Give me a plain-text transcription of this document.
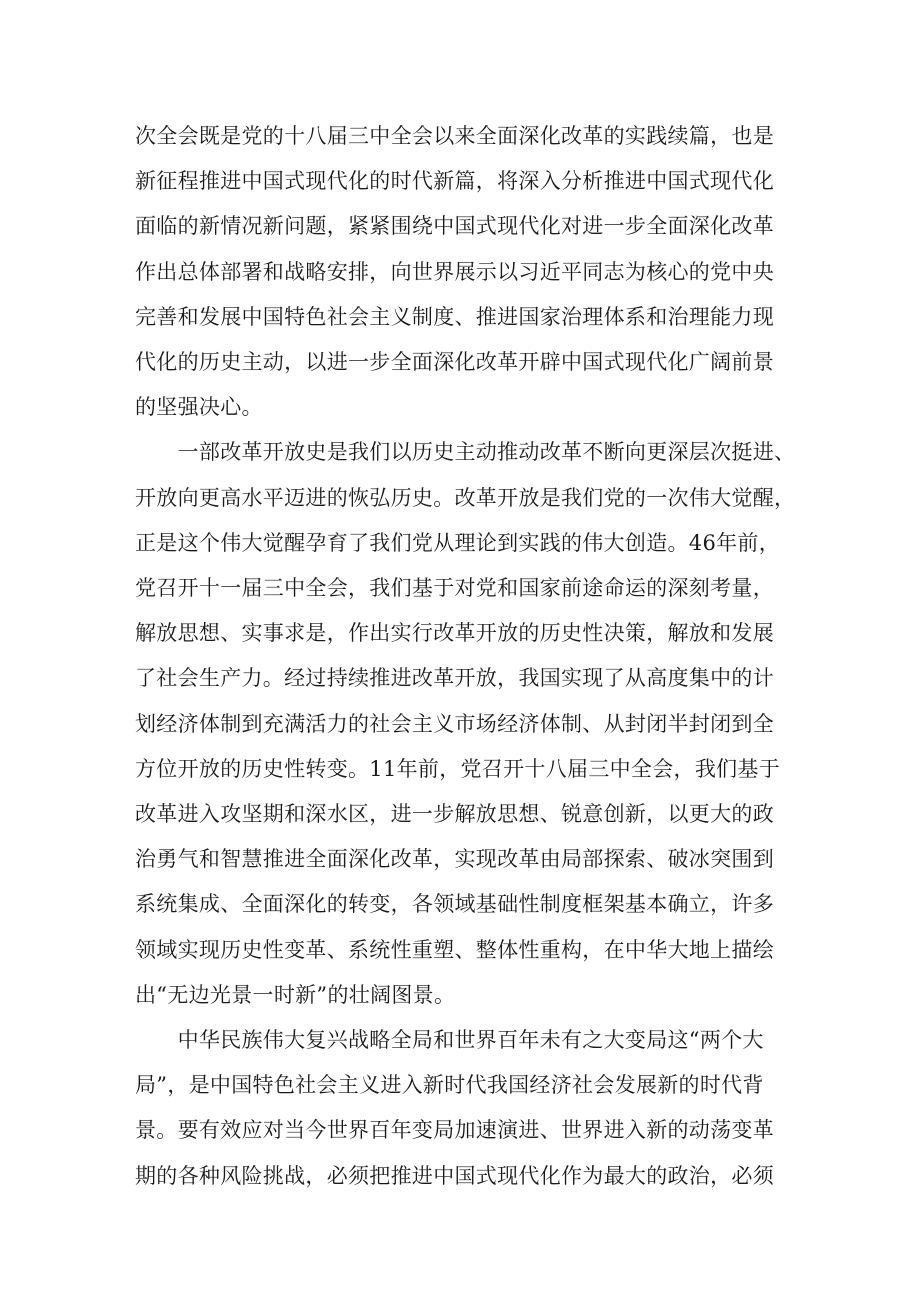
次全会既是党的十八届三中全会以来全面深化改革的实践续篇，也是
新征程推进中国式现代化的时代新篇，将深入分析推进中国式现代化
面临的新情况新问题，紧紧围绕中国式现代化对进一步全面深化改革
作出总体部署和战略安排，向世界展示以习近平同志为核心的党中央
完善和发展中国特色社会主义制度、推进国家治理体系和治理能力现
代化的历史主动，以进一步全面深化改革开辟中国式现代化广阔前景
的坚强决心。
　　一部改革开放史是我们以历史主动推动改革不断向更深层次挺进、
开放向更高水平迈进的恢弘历史。改革开放是我们党的一次伟大觉醒，
正是这个伟大觉醒孕育了我们党从理论到实践的伟大创造。46年前，
党召开十一届三中全会，我们基于对党和国家前途命运的深刻考量，
解放思想、实事求是，作出实行改革开放的历史性决策，解放和发展
了社会生产力。经过持续推进改革开放，我国实现了从高度集中的计
划经济体制到充满活力的社会主义市场经济体制、从封闭半封闭到全
方位开放的历史性转变。11年前，党召开十八届三中全会，我们基于
改革进入攻坚期和深水区，进一步解放思想、锐意创新，以更大的政
治勇气和智慧推进全面深化改革，实现改革由局部探索、破冰突围到
系统集成、全面深化的转变，各领域基础性制度框架基本确立，许多
领域实现历史性变革、系统性重塑、整体性重构，在中华大地上描绘
出“无边光景一时新”的壮阔图景。
　　中华民族伟大复兴战略全局和世界百年未有之大变局这“两个大
局”，是中国特色社会主义进入新时代我国经济社会发展新的时代背
景。要有效应对当今世界百年变局加速演进、世界进入新的动荡变革
期的各种风险挑战，必须把推进中国式现代化作为最大的政治，必须
